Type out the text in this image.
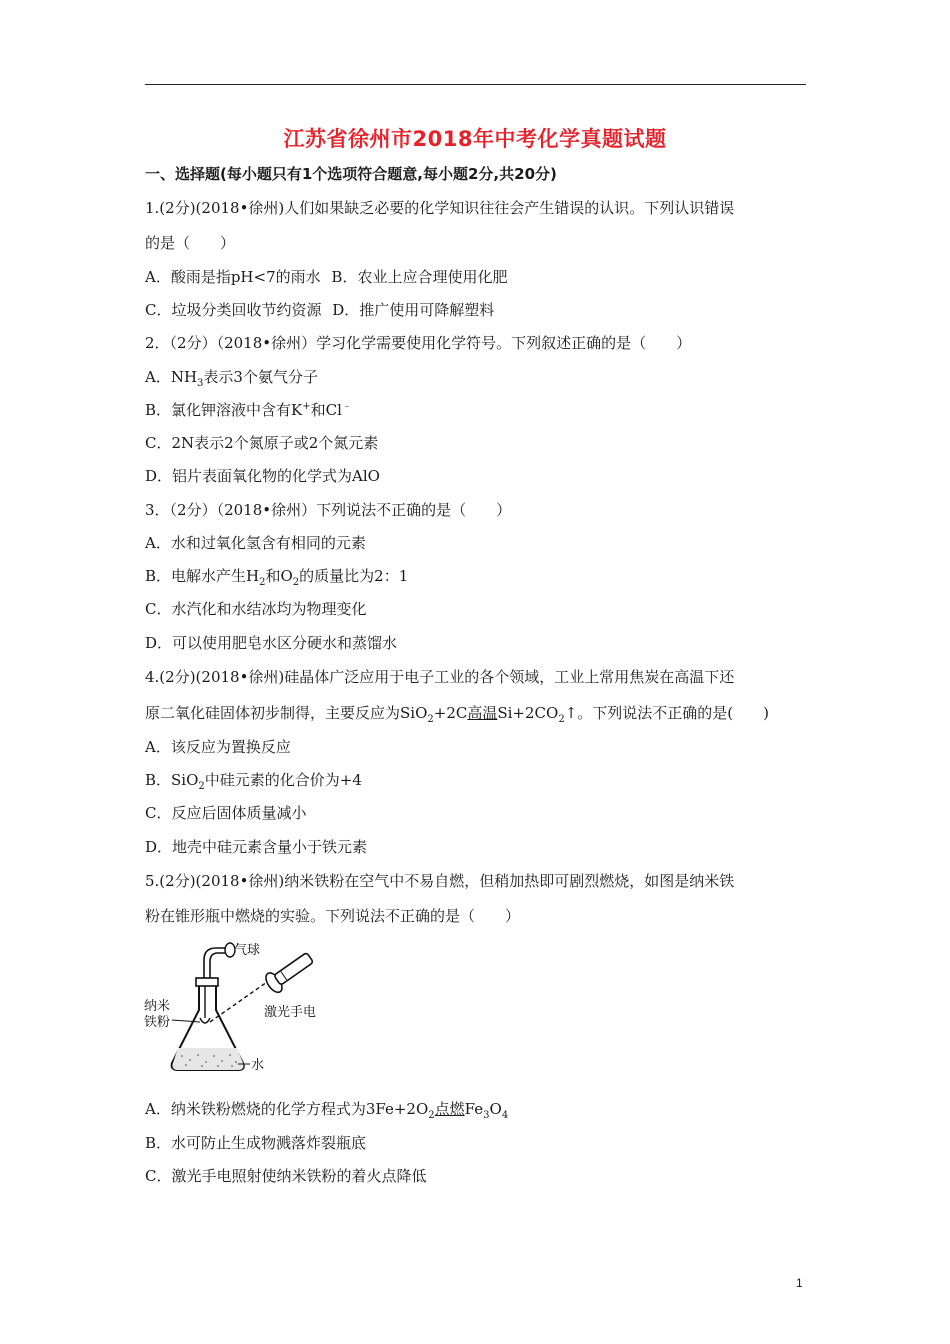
江苏省徐州市2018年中考化学真题试题
一、选择题(每小题只有1个选项符合题意,每小题2分,共20分)
1.(2分)(2018•徐州)人们如果缺乏必要的化学知识往往会产生错误的认识。下列认识错误
的是（　　）
A．酸雨是指pH<7的雨水 B．农业上应合理使用化肥
C．垃圾分类回收节约资源 D．推广使用可降解塑料
2．（2分）（2018•徐州）学习化学需要使用化学符号。下列叙述正确的是（　　）
A．$NH_3$表示3个氨气分子
B．氯化钾溶液中含有K+和Cl﹣
C．2N表示2个氮原子或2个氮元素
D．铝片表面氧化物的化学式为AlO
3．（2分）（2018•徐州）下列说法不正确的是（　　）
A．水和过氧化氢含有相同的元素
B．电解水产生$H_2$和$O_2$的质量比为2：1
C．水汽化和水结冰均为物理变化
D．可以使用肥皂水区分硬水和蒸馏水
4.(2分)(2018•徐州)硅晶体广泛应用于电子工业的各个领域，工业上常用焦炭在高温下还
原二氧化硅固体初步制得，主要反应为SiO$_2$+2C高温$Si+2CO_2↑$。下列说法不正确的是(　　)
A．该反应为置换反应
B．SiO$_2$中硅元素的化合价为+4
C．反应后固体质量减小
D．地壳中硅元素含量小于铁元素
5.(2分)(2018•徐州)纳米铁粉在空气中不易自燃，但稍加热即可剧烈燃烧，如图是纳米铁
粉在锥形瓶中燃烧的实验。下列说法不正确的是（　　）
气球
纳米
铁粉
激光手电
水
A．纳米铁粉燃烧的化学方程式为$3Fe+2O_2$点燃$Fe_3O_4$
B．水可防止生成物溅落炸裂瓶底
C．激光手电照射使纳米铁粉的着火点降低
1
